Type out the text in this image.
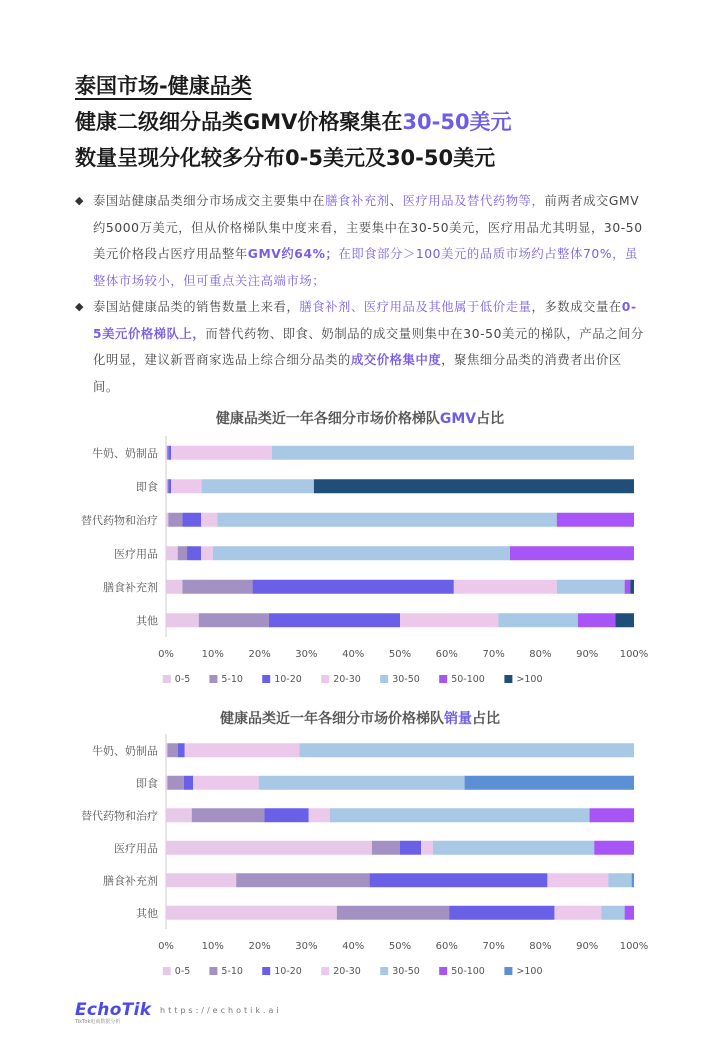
泰国市场-健康品类
健康二级细分品类GMV价格聚集在30-50美元
数量呈现分化较多分布0-5美元及30-50美元
◆ 泰国站健康品类细分市场成交主要集中在膳食补充剂、医疗用品及替代药物等，前两者成交GMV约5000万美元，但从价格梯队集中度来看，主要集中在30-50美元，医疗用品尤其明显，30-50美元价格段占医疗用品整年GMV约64%；在即食部分＞100美元的品质市场约占整体70%，虽整体市场较小，但可重点关注高端市场；
◆ 泰国站健康品类的销售数量上来看，膳食补剂、医疗用品及其他属于低价走量，多数成交量在0-5美元价格梯队上，而替代药物、即食、奶制品的成交量则集中在30-50美元的梯队，产品之间分化明显，建议新晋商家选品上综合细分品类的成交价格集中度，聚焦细分品类的消费者出价区间。
健康品类近一年各细分市场价格梯队GMV占比
牛奶、奶制品
即食
替代药物和治疗
医疗用品
膳食补充剂
其他
0%	10% 20% 30% 40% 50% 60% 70% 80% 90% 100%
0-5	5-10	10-20	20-30	30-50	50-100	>100
健康品类近一年各细分市场价格梯队销量占比
牛奶、奶制品
即食
替代药物和治疗
医疗用品
膳食补充剂
其他
0%	10% 20% 30% 40% 50% 60% 70% 80% 90% 100%
0-5	5-10	10-20	20-30	30-50	50-100	>100
EchoTik
TikTok电商数据分析
https://echotik.ai
